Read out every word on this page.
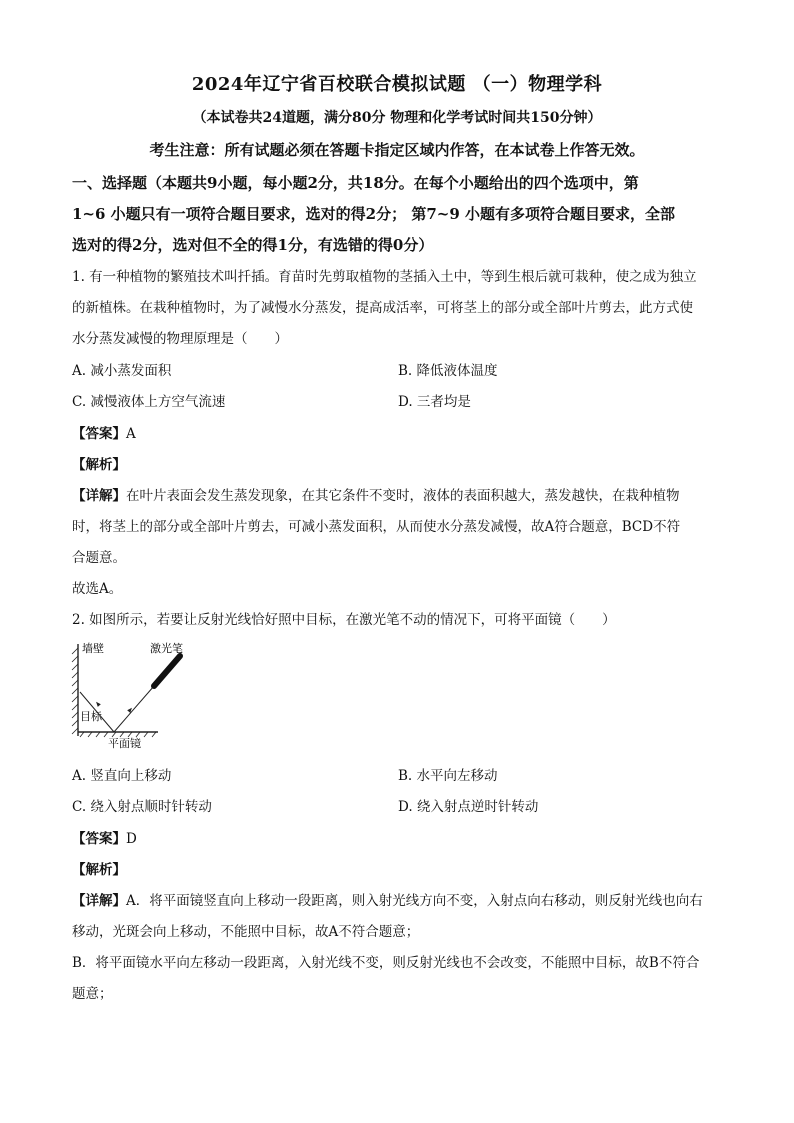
2024年辽宁省百校联合模拟试题 （一）物理学科
（本试卷共24道题，满分80分 物理和化学考试时间共150分钟）
考生注意：所有试题必须在答题卡指定区域内作答，在本试卷上作答无效。
一、选择题（本题共9小题，每小题2分，共18分。在每个小题给出的四个选项中，第
1~6 小题只有一项符合题目要求，选对的得2分； 第7~9 小题有多项符合题目要求，全部
选对的得2分，选对但不全的得1分，有选错的得0分）
1. 有一种植物的繁殖技术叫扦插。育苗时先剪取植物的茎插入土中，等到生根后就可栽种，使之成为独立
的新植株。在栽种植物时，为了减慢水分蒸发，提高成活率，可将茎上的部分或全部叶片剪去，此方式使
水分蒸发减慢的物理原理是（　　）
A. 减小蒸发面积	B. 降低液体温度
C. 减慢液体上方空气流速	D. 三者均是
【答案】A
【解析】
【详解】在叶片表面会发生蒸发现象，在其它条件不变时，液体的表面积越大，蒸发越快，在栽种植物
时，将茎上的部分或全部叶片剪去，可减小蒸发面积，从而使水分蒸发减慢，故A符合题意，BCD不符
合题意。
故选A。
2. 如图所示，若要让反射光线恰好照中目标，在激光笔不动的情况下，可将平面镜（　　）
墙壁	激光笔
目标
平面镜
A. 竖直向上移动	B. 水平向左移动
C. 绕入射点顺时针转动	D. 绕入射点逆时针转动
【答案】D
【解析】
【详解】A．将平面镜竖直向上移动一段距离，则入射光线方向不变，入射点向右移动，则反射光线也向右
移动，光斑会向上移动，不能照中目标，故A不符合题意；
B．将平面镜水平向左移动一段距离，入射光线不变，则反射光线也不会改变，不能照中目标，故B不符合
题意；
